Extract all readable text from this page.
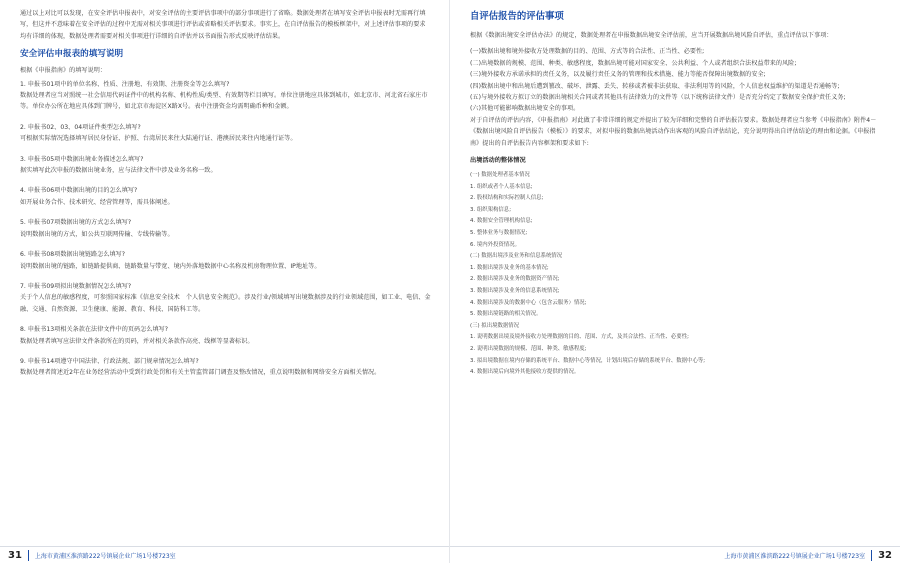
通过以上对比可以发现，在安全评估申报表中，对安全评估的主要评估事项中的部分事项进行了省略。数据处理者在填写安全评估申报表时无需再行填写，但这并不意味着在安全评估的过程中无需对相关事项进行评估或省略相关评估要求。事实上，在自评估报告的模板框架中，对上述评估事项的要求均有详细的体现，数据处理者需要对相关事项进行详细的自评估并以书面报告形式反映评估结果。

安全评估申报表的填写说明

根据《申报指南》的填写说明：

1. 申报书01项中的单位名称、性质、注册地、有效期、注册资金等怎么填写?

数据处理者应当对照统一社会信用代码证件中的机构名称、机构性质/类型、有效期等栏目填写。单位注册地应具体到城市，如北京市、河北省石家庄市等。单位办公所在地应具体到门牌号，如北京市海淀区X路X号。表中注册资金均需明确币种和金额。

2. 申报书02、03、04项证件类型怎么填写?

可根据实际情况选择填写居民身份证、护照、台湾居民来往大陆通行证、港澳居民来往内地通行证等。

3. 申报书05项中数据出境业务描述怎么填写?

据实填写此次申报的数据出境业务，应与法律文件中涉及业务名称一致。

4. 申报书06项中数据出境的目的怎么填写?

如开展业务合作、技术研究、经营管理等，需具体阐述。

5. 申报书07项数据出境的方式怎么填写?

说明数据出境的方式，如公共互联网传输、专线传输等。

6. 申报书08项数据出境链路怎么填写?

说明数据出境的链路，如链路提供商、链路数量与带宽、境内外落地数据中心名称及机房物理位置、IP地址等。

7. 申报书09项拟出境数据情况怎么填写?

关于个人信息的敏感程度，可参照国家标准《信息安全技术　个人信息安全规范》。涉及行业/领域填写出境数据涉及的行业领域范围，如工业、电信、金融、交通、自然资源、卫生健康、能源、教育、科技、国防科工等。

8. 申报书13项相关条款在法律文件中的页码怎么填写?

数据处理者填写应法律文件条款所在的页码，并对相关条款作高亮、线框等显著标识。

9. 申报书14项遵守中国法律、行政法规、部门规章情况怎么填写?

数据处理者简述近2年在业务经营活动中受到行政处罚和有关主管监管部门调查及整改情况，重点说明数据和网络安全方面相关情况。

31 上海市黄浦区淮滨路222号镇展企业广场1号楼723室
自评估报告的评估事项

根据《数据出境安全评估办法》的规定，数据处理者在申报数据出境安全评估前，应当开展数据出境风险自评估，重点评估以下事项：

(一)数据出境和境外接收方处理数据的目的、范围、方式等的合法性、正当性、必要性;

(二)出境数据的规模、范围、种类、敏感程度，数据出境可能对国家安全、公共利益、个人或者组织合法权益带来的风险;

(三)境外接收方承诺承担的责任义务，以及履行责任义务的管理和技术措施、能力等能否保障出境数据的安全;

(四)数据出境中和出境后遭到篡改、破坏、泄露、丢失、转移或者被非法获取、非法利用等的风险，个人信息权益维护的渠道是否通畅等;

(五)与境外接收方拟订立的数据出境相关合同或者其他具有法律效力的文件等（以下统称法律文件）是否充分约定了数据安全保护责任义务;

(六)其他可能影响数据出境安全的事项。

对于自评估的评估内容，《申报指南》对此做了非常详细的规定并提出了较为详细和完整的自评估报告要求。数据处理者应当参考《申报指南》附件4－《数据出境风险自评估报告（模板）》的要求，对拟申报的数据出境活动作出客观的风险自评估结论，充分说明得出自评估结论的理由和论据。《申报指南》提出的自评估报告内容框架和要求如下:

出境活动的整体情况

(一) 数据处理者基本情况

1. 组织或者个人基本信息;

2. 股权结构和实际控制人信息;

3. 组织架构信息;

4. 数据安全管理机构信息;

5. 整体业务与数据情况;

6. 境内外投资情况。

(二) 数据出境涉及业务和信息系统情况

1. 数据出境涉及业务的基本情况;

2. 数据出境涉及业务的数据资产情况;

3. 数据出境涉及业务的信息系统情况;

4. 数据出境涉及的数据中心（包含云服务）情况;

5. 数据出境链路的相关情况。

(三) 拟出境数据情况

1. 说明数据出境及境外接收方处理数据的目的、范围、方式，及其合法性、正当性、必要性;

2. 说明出境数据的规模、范围、种类、敏感程度;

3. 拟出境数据在境内存储的系统平台、数据中心等情况，计划出境后存储的系统平台、数据中心等;

4. 数据出境后向境外其他接收方提供的情况。

上海市黄浦区淮滨路222号镇展企业广场1号楼723室 32
